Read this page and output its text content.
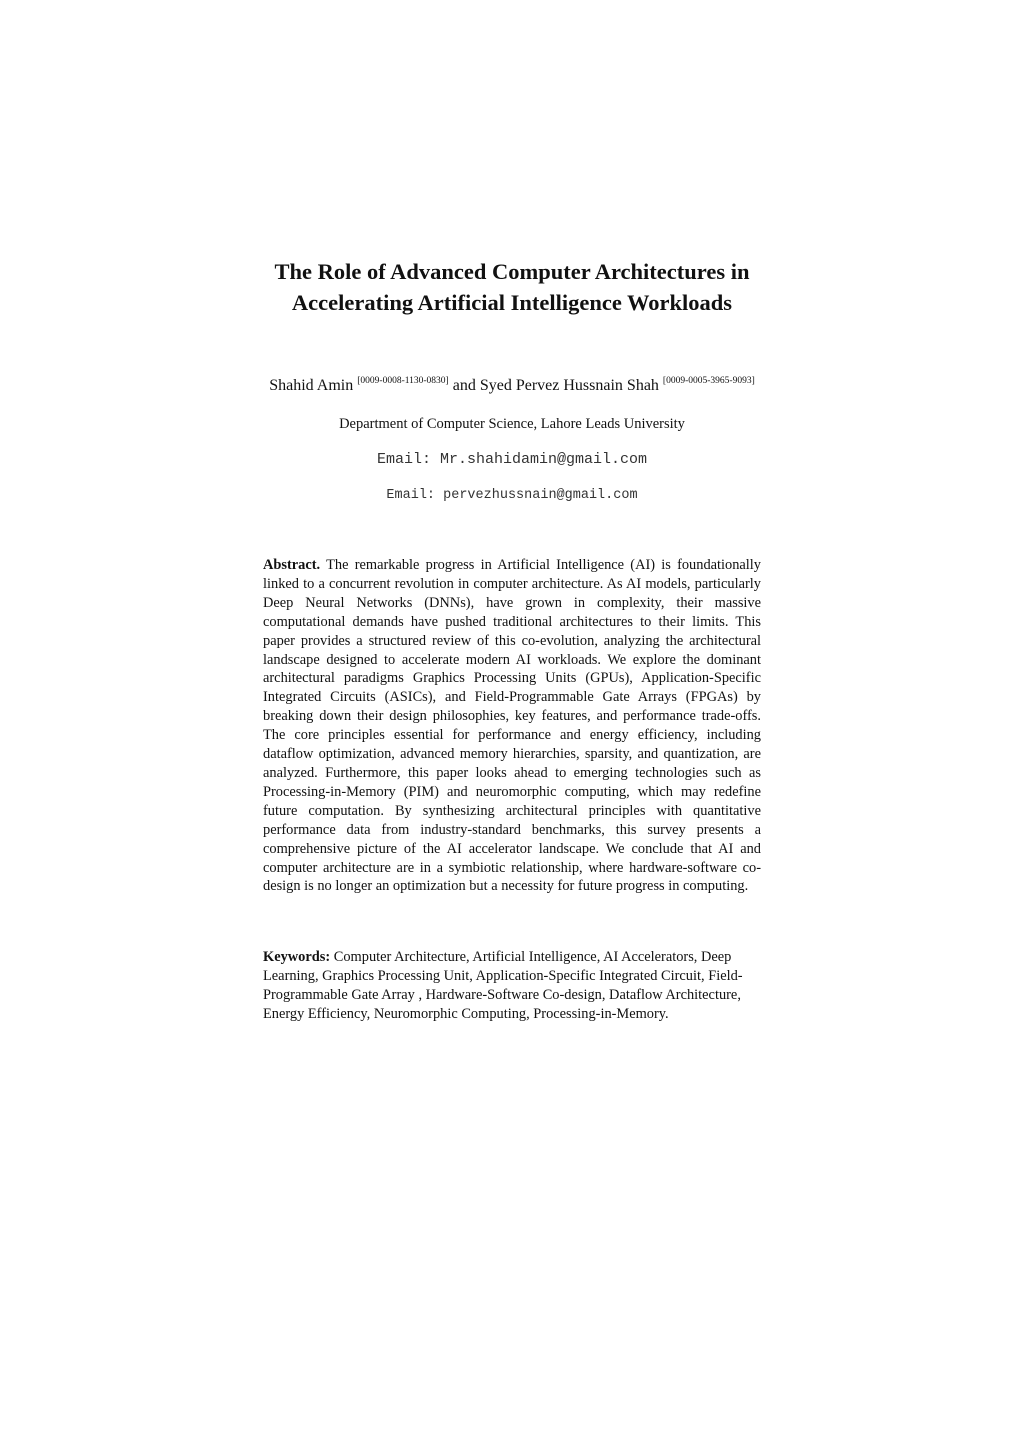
The Role of Advanced Computer Architectures in
Accelerating Artificial Intelligence Workloads
Shahid Amin [0009-0008-1130-0830] and Syed Pervez Hussnain Shah [0009-0005-3965-9093]
Department of Computer Science, Lahore Leads University
Email: Mr.shahidamin@gmail.com
Email: pervezhussnain@gmail.com
Abstract. The remarkable progress in Artificial Intelligence (AI) is foundationally linked to a concurrent revolution in computer architecture. As AI models, particularly Deep Neural Networks (DNNs), have grown in complexity, their massive computational demands have pushed traditional architectures to their limits. This paper provides a structured review of this co-evolution, analyzing the architectural landscape designed to accelerate modern AI workloads. We explore the dominant architectural paradigms Graphics Processing Units (GPUs), Application-Specific Integrated Circuits (ASICs), and Field-Programmable Gate Arrays (FPGAs) by breaking down their design philosophies, key features, and performance trade-offs. The core principles essential for performance and energy efficiency, including dataflow optimization, advanced memory hierarchies, sparsity, and quantization, are analyzed. Furthermore, this paper looks ahead to emerging technologies such as Processing-in-Memory (PIM) and neuromorphic computing, which may redefine future computation. By synthesizing architectural principles with quantitative performance data from industry-standard benchmarks, this survey presents a comprehensive picture of the AI accelerator landscape. We conclude that AI and computer architecture are in a symbiotic relationship, where hardware-software co-design is no longer an optimization but a necessity for future progress in computing.
Keywords: Computer Architecture, Artificial Intelligence, AI Accelerators, Deep Learning, Graphics Processing Unit, Application-Specific Integrated Circuit, Field-Programmable Gate Array , Hardware-Software Co-design, Dataflow Architecture, Energy Efficiency, Neuromorphic Computing, Processing-in-Memory.
